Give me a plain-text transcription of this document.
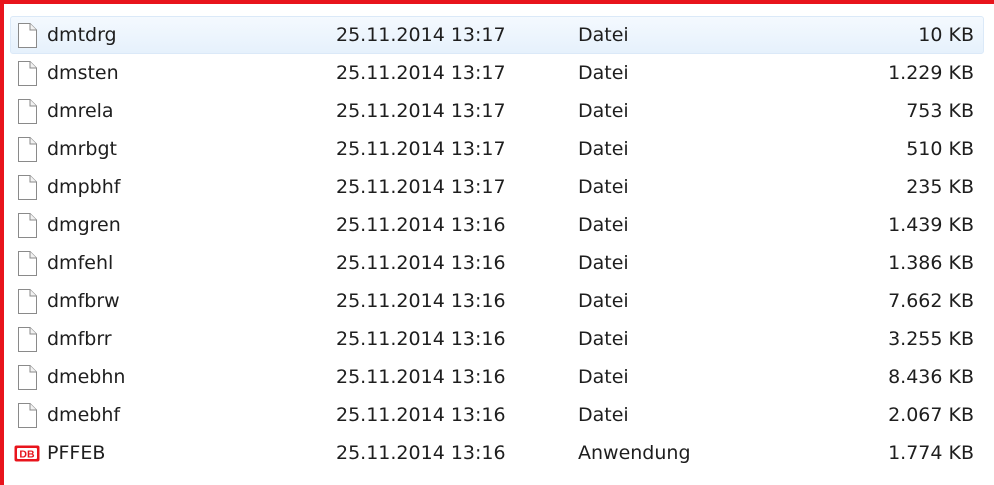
dmtdrg	25.11.2014 13:17	Datei	10 KB
dmsten	25.11.2014 13:17	Datei	1.229 KB
dmrela	25.11.2014 13:17	Datei	753 KB
dmrbgt	25.11.2014 13:17	Datei	510 KB
dmpbhf	25.11.2014 13:17	Datei	235 KB
dmgren	25.11.2014 13:16	Datei	1.439 KB
dmfehl	25.11.2014 13:16	Datei	1.386 KB
dmfbrw	25.11.2014 13:16	Datei	7.662 KB
dmfbrr	25.11.2014 13:16	Datei	3.255 KB
dmebhn	25.11.2014 13:16	Datei	8.436 KB
dmebhf	25.11.2014 13:16	Datei	2.067 KB
DB PFFEB	25.11.2014 13:16	Anwendung	1.774 KB
